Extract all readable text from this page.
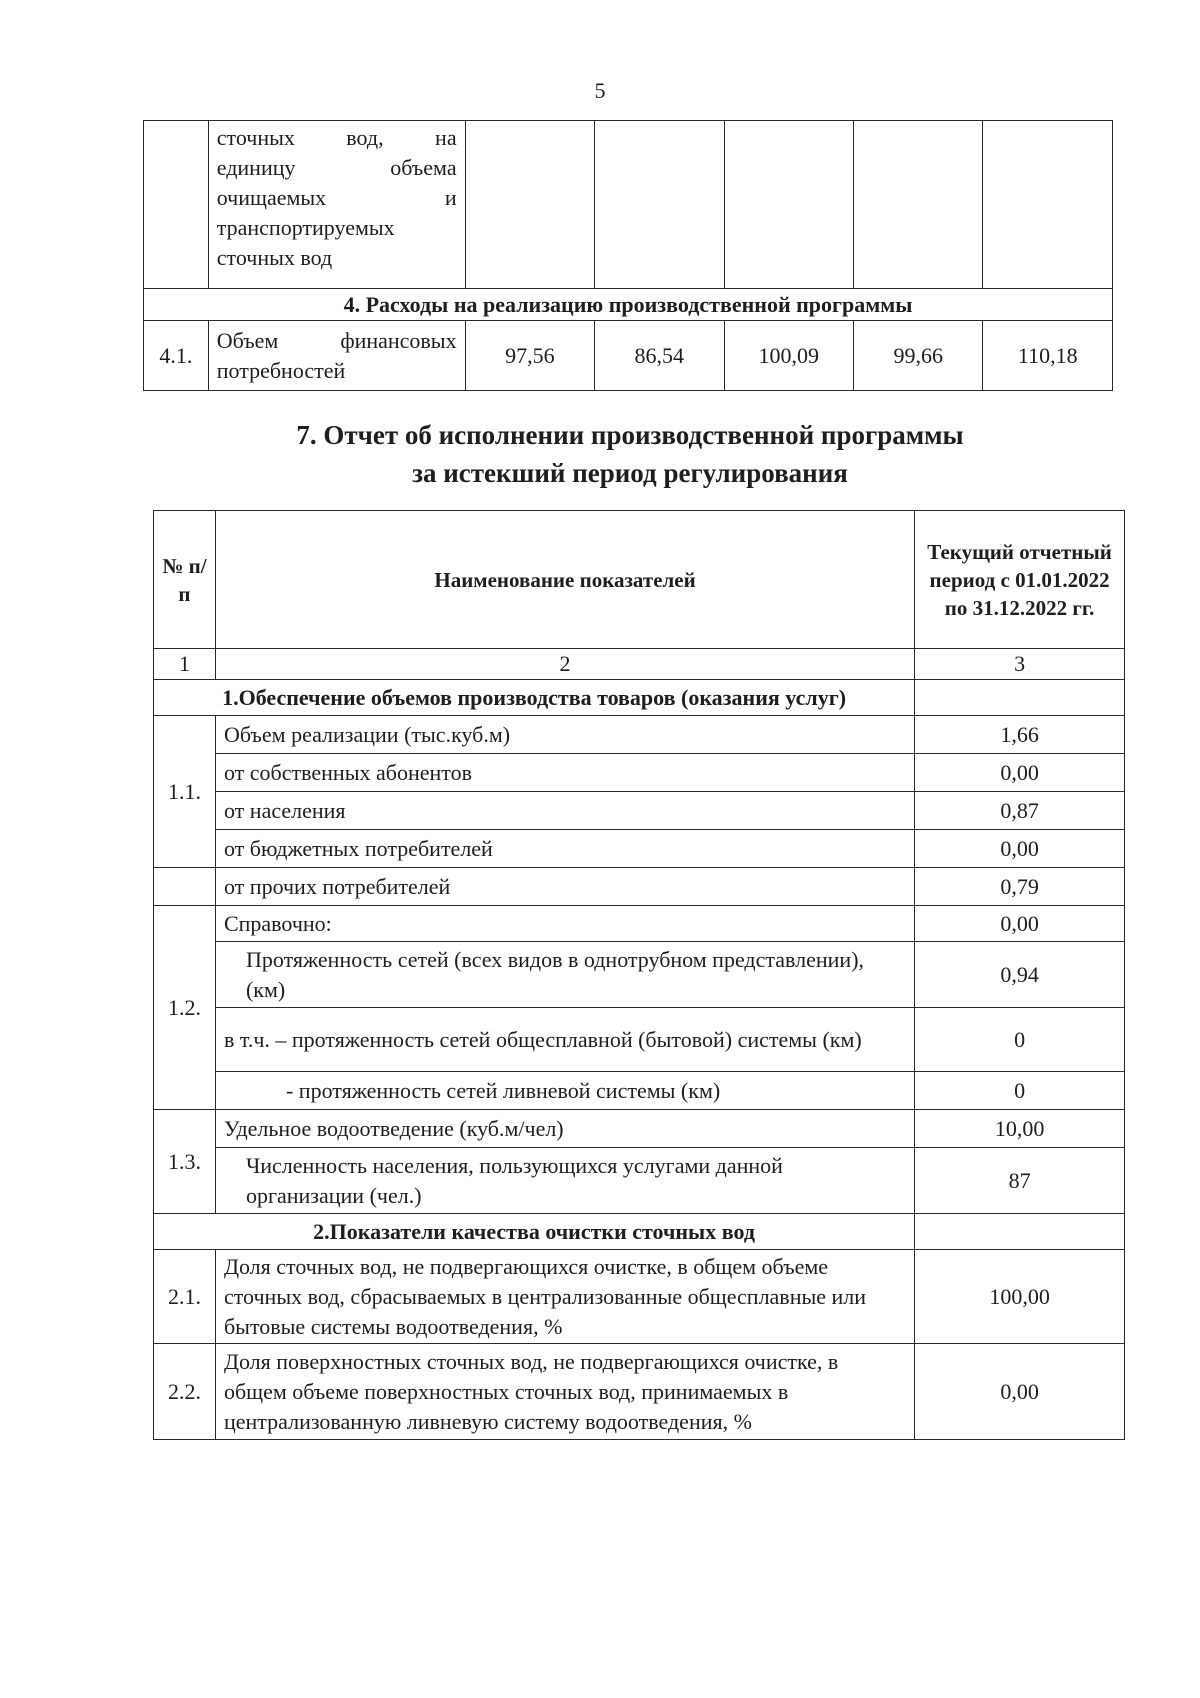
5

	сточных вод, на
единицу объема
очищаемых и
транспортируемых
сточных вод					

4. Расходы на реализацию производственной программы						
4.1.	Объем финансовых потребностей	97,56	86,54	100,09	99,66	110,18
7. Отчет об исполнении производственной программы
за истекший период регулирования
№ п/п	Наименование показателей	Текущий отчетный период с 01.01.2022 по 31.12.2022 гг.
1	2	3
1.Обеспечение объемов производства товаров (оказания услуг)		
1.1.	Объем реализации (тыс.куб.м)	1,66
	от собственных абонентов	0,00
	от населения	0,87
	от бюджетных потребителей	0,00
	от прочих потребителей	0,79
1.2.	Справочно:	0,00
	Протяженность сетей (всех видов в однотрубном представлении), (км)	0,94
	в т.ч. – протяженность сетей общесплавной (бытовой) системы (км)	0
	- протяженность сетей ливневой системы (км)	0
1.3.	Удельное водоотведение (куб.м/чел)	10,00
	Численность населения, пользующихся услугами данной организации (чел.)	87
2.Показатели качества очистки сточных вод		
2.1.	Доля сточных вод, не подвергающихся очистке, в общем объеме сточных вод, сбрасываемых в централизованные общесплавные или бытовые системы водоотведения, %	100,00
2.2.	Доля поверхностных сточных вод, не подвергающихся очистке, в общем объеме поверхностных сточных вод, принимаемых в централизованную ливневую систему водоотведения, %	0,00
